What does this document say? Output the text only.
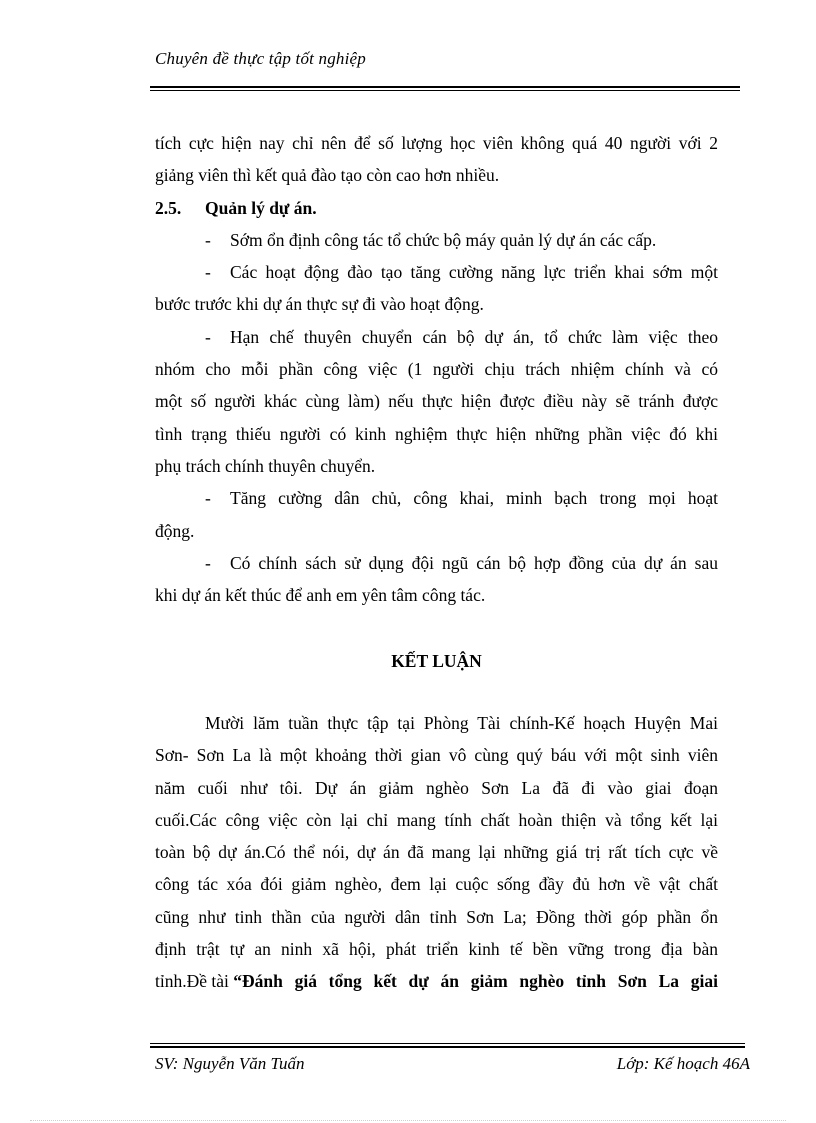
Chuyên đề thực tập tốt nghiệp
tích cực hiện nay chỉ nên để số lượng học viên không quá 40 người với 2
giảng viên thì kết quả đào tạo còn cao hơn nhiều.
2.5. Quản lý dự án.
- Sớm ổn định công tác tổ chức bộ máy quản lý dự án các cấp.
-	Các hoạt động đào tạo tăng cường năng lực triển khai sớm một
bước trước khi dự án thực sự đi vào hoạt động.
-	Hạn chế thuyên chuyển cán bộ dự án, tổ chức làm việc theo
nhóm cho mỗi phần công việc (1 người chịu trách nhiệm chính và có
một số người khác cùng làm) nếu thực hiện được điều này sẽ tránh được
tình trạng thiếu người có kinh nghiệm thực hiện những phần việc đó khi
phụ trách chính thuyên chuyển.
-	Tăng cường dân chủ, công khai, minh bạch trong mọi hoạt
động.
-	Có chính sách sử dụng đội ngũ cán bộ hợp đồng của dự án sau
khi dự án kết thúc để anh em yên tâm công tác.
KẾT LUẬN
Mười lăm tuần thực tập tại Phòng Tài chính-Kế hoạch Huyện Mai
Sơn- Sơn La là một khoảng thời gian vô cùng quý báu với một sinh viên
năm cuối như tôi. Dự án giảm nghèo Sơn La đã đi vào giai đoạn
cuối.Các công việc còn lại chỉ mang tính chất hoàn thiện và tổng kết lại
toàn bộ dự án.Có thể nói, dự án đã mang lại những giá trị rất tích cực về
công tác xóa đói giảm nghèo, đem lại cuộc sống đầy đủ hơn về vật chất
cũng như tinh thần của người dân tỉnh Sơn La; Đồng thời góp phần ổn
định trật tự an ninh xã hội, phát triển kinh tế bền vững trong địa bàn
tỉnh.Đề tài “Đánh giá tổng kết dự án giảm nghèo tỉnh Sơn La giai
SV: Nguyễn Văn Tuấn	Lớp: Kế hoạch 46A
